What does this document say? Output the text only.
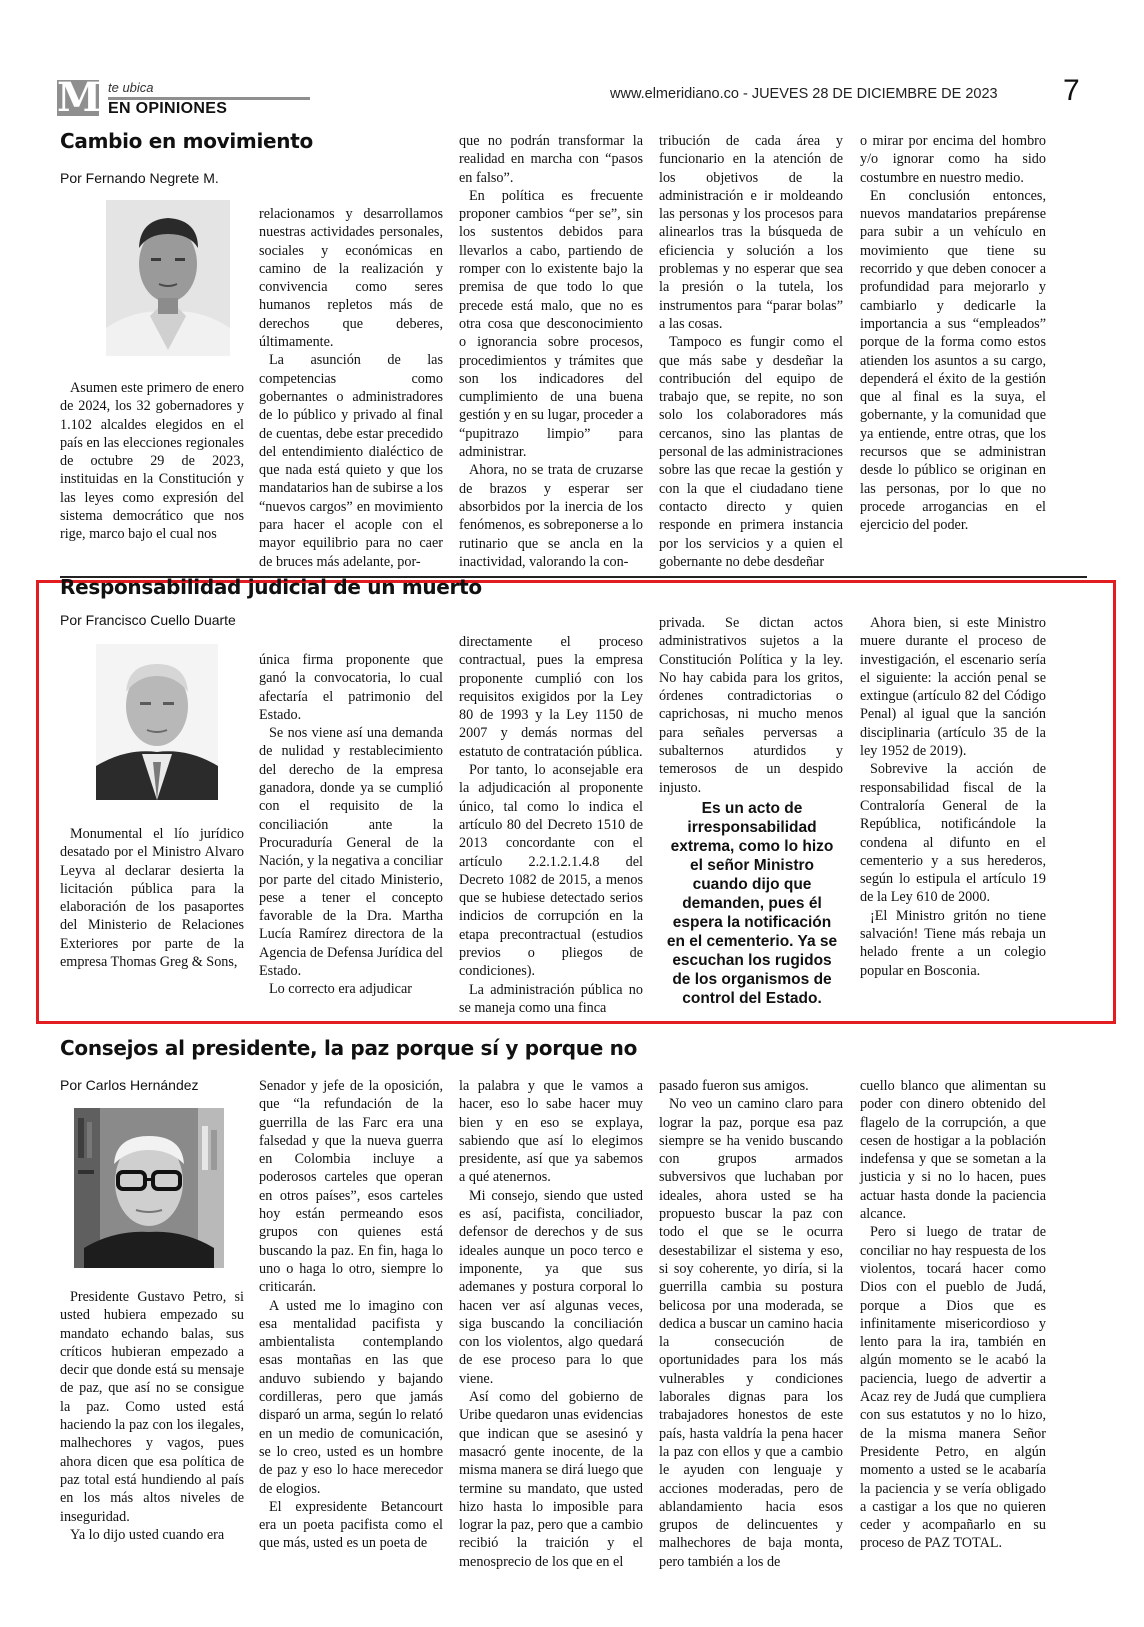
M te ubica
EN OPINIONES
www.elmeridiano.co - JUEVES 28 DE DICIEMBRE DE 2023 7
Cambio en movimiento
Por Fernando Negrete M.

Asumen este primero de enero de 2024, los 32 gobernadores y 1.102 alcaldes elegidos en el país en las elecciones regionales de octubre 29 de 2023, instituidas en la Constitución y las leyes como expresión del sistema democrático que nos rige, marco bajo el cual nos

relacionamos y desarrollamos nuestras actividades personales, sociales y económicas en camino de la realización y convivencia como seres humanos repletos más de derechos que deberes, últimamente.

La asunción de las competencias como gobernantes o administradores de lo público y privado al final de cuentas, debe estar precedido del entendimiento dialéctico de que nada está quieto y que los mandatarios han de subirse a los “nuevos cargos” en movimiento para hacer el acople con el mayor equilibrio para no caer de bruces más adelante, por-

que no podrán transformar la realidad en marcha con “pasos en falso”.

En política es frecuente proponer cambios “per se”, sin los sustentos debidos para llevarlos a cabo, partiendo de romper con lo existente bajo la premisa de que todo lo que precede está malo, que no es otra cosa que desconocimiento o ignorancia sobre procesos, procedimientos y trámites que son los indicadores del cumplimiento de una buena gestión y en su lugar, proceder a “pupitrazo limpio” para administrar.

Ahora, no se trata de cruzarse de brazos y esperar ser absorbidos por la inercia de los fenómenos, es sobreponerse a lo rutinario que se ancla en la inactividad, valorando la con-

tribución de cada área y funcionario en la atención de los objetivos de la administración e ir moldeando las personas y los procesos para alinearlos tras la búsqueda de eficiencia y solución a los problemas y no esperar que sea la presión o la tutela, los instrumentos para “parar bolas” a las cosas.

Tampoco es fungir como el que más sabe y desdeñar la contribución del equipo de trabajo que, se repite, no son solo los colaboradores más cercanos, sino las plantas de personal de las administraciones sobre las que recae la gestión y con la que el ciudadano tiene contacto directo y quien responde en primera instancia por los servicios y a quien el gobernante no debe desdeñar

o mirar por encima del hombro y/o ignorar como ha sido costumbre en nuestro medio.

En conclusión entonces, nuevos mandatarios prepárense para subir a un vehículo en movimiento que tiene su recorrido y que deben conocer a profundidad para mejorarlo y cambiarlo y dedicarle la importancia a sus “empleados” porque de la forma como estos atienden los asuntos a su cargo, dependerá el éxito de la gestión que al final es la suya, el gobernante, y la comunidad que ya entiende, entre otras, que los recursos que se administran desde lo público se originan en las personas, por lo que no procede arrogancias en el ejercicio del poder.

Responsabilidad judicial de un muerto
Por Francisco Cuello Duarte

Monumental el lío jurídico desatado por el Ministro Alvaro Leyva al declarar desierta la licitación pública para la elaboración de los pasaportes del Ministerio de Relaciones Exteriores por parte de la empresa Thomas Greg & Sons,

única firma proponente que ganó la convocatoria, lo cual afectaría el patrimonio del Estado.

Se nos viene así una demanda de nulidad y restablecimiento del derecho de la empresa ganadora, donde ya se cumplió con el requisito de la conciliación ante la Procuraduría General de la Nación, y la negativa a conciliar por parte del citado Ministerio, pese a tener el concepto favorable de la Dra. Martha Lucía Ramírez directora de la Agencia de Defensa Jurídica del Estado.

Lo correcto era adjudicar

directamente el proceso contractual, pues la empresa proponente cumplió con los requisitos exigidos por la Ley 80 de 1993 y la Ley 1150 de 2007 y demás normas del estatuto de contratación pública.

Por tanto, lo aconsejable era la adjudicación al proponente único, tal como lo indica el artículo 80 del Decreto 1510 de 2013 concordante con el artículo 2.2.1.2.1.4.8 del Decreto 1082 de 2015, a menos que se hubiese detectado serios indicios de corrupción en la etapa precontractual (estudios previos o pliegos de condiciones).

La administración pública no se maneja como una finca

privada. Se dictan actos administrativos sujetos a la Constitución Política y la ley. No hay cabida para los gritos, órdenes contradictorias o caprichosas, ni mucho menos para señales perversas a subalternos aturdidos y temerosos de un despido injusto.

Es un acto de irresponsabilidad extrema, como lo hizo el señor Ministro cuando dijo que demanden, pues él espera la notificación en el cementerio. Ya se escuchan los rugidos de los organismos de control del Estado.

Ahora bien, si este Ministro muere durante el proceso de investigación, el escenario sería el siguiente: la acción penal se extingue (artículo 82 del Código Penal) al igual que la sanción disciplinaria (artículo 35 de la ley 1952 de 2019).

Sobrevive la acción de responsabilidad fiscal de la Contraloría General de la República, notificándole la condena al difunto en el cementerio y a sus herederos, según lo estipula el artículo 19 de la Ley 610 de 2000.

¡El Ministro gritón no tiene salvación! Tiene más rebaja un helado frente a un colegio popular en Bosconia.

Consejos al presidente, la paz porque sí y porque no
Por Carlos Hernández

Presidente Gustavo Petro, si usted hubiera empezado su mandato echando balas, sus críticos hubieran empezado a decir que donde está su mensaje de paz, que así no se consigue la paz. Como usted está haciendo la paz con los ilegales, malhechores y vagos, pues ahora dicen que esa política de paz total está hundiendo al país en los más altos niveles de inseguridad.

Ya lo dijo usted cuando era

Senador y jefe de la oposición, que “la refundación de la guerrilla de las Farc era una falsedad y que la nueva guerra en Colombia incluye a poderosos carteles que operan en otros países”, esos carteles hoy están permeando esos grupos con quienes está buscando la paz. En fin, haga lo uno o haga lo otro, siempre lo criticarán.

A usted me lo imagino con esa mentalidad pacifista y ambientalista contemplando esas montañas en las que anduvo subiendo y bajando cordilleras, pero que jamás disparó un arma, según lo relató en un medio de comunicación, se lo creo, usted es un hombre de paz y eso lo hace merecedor de elogios.

El expresidente Betancourt era un poeta pacifista como el que más, usted es un poeta de

la palabra y que le vamos a hacer, eso lo sabe hacer muy bien y en eso se explaya, sabiendo que así lo elegimos presidente, así que ya sabemos a qué atenernos.

Mi consejo, siendo que usted es así, pacifista, conciliador, defensor de derechos y de sus ideales aunque un poco terco e imponente, ya que sus ademanes y postura corporal lo hacen ver así algunas veces, siga buscando la conciliación con los violentos, algo quedará de ese proceso para lo que viene.

Así como del gobierno de Uribe quedaron unas evidencias que indican que se asesinó y masacró gente inocente, de la misma manera se dirá luego que termine su mandato, que usted hizo hasta lo imposible para lograr la paz, pero que a cambio recibió la traición y el menosprecio de los que en el

pasado fueron sus amigos.

No veo un camino claro para lograr la paz, porque esa paz siempre se ha venido buscando con grupos armados subversivos que luchaban por ideales, ahora usted se ha propuesto buscar la paz con todo el que se le ocurra desestabilizar el sistema y eso, si soy coherente, yo diría, si la guerrilla cambia su postura belicosa por una moderada, se dedica a buscar un camino hacia la consecución de oportunidades para los más vulnerables y condiciones laborales dignas para los trabajadores honestos de este país, hasta valdría la pena hacer la paz con ellos y que a cambio le ayuden con lenguaje y acciones moderadas, pero de ablandamiento hacia esos grupos de delincuentes y malhechores de baja monta, pero también a los de

cuello blanco que alimentan su poder con dinero obtenido del flagelo de la corrupción, a que cesen de hostigar a la población indefensa y que se sometan a la justicia y si no lo hacen, pues actuar hasta donde la paciencia alcance.

Pero si luego de tratar de conciliar no hay respuesta de los violentos, tocará hacer como Dios con el pueblo de Judá, porque a Dios que es infinitamente misericordioso y lento para la ira, también en algún momento se le acabó la paciencia, luego de advertir a Acaz rey de Judá que cumpliera con sus estatutos y no lo hizo, de la misma manera Señor Presidente Petro, en algún momento a usted se le acabaría la paciencia y se vería obligado a castigar a los que no quieren ceder y acompañarlo en su proceso de PAZ TOTAL.
